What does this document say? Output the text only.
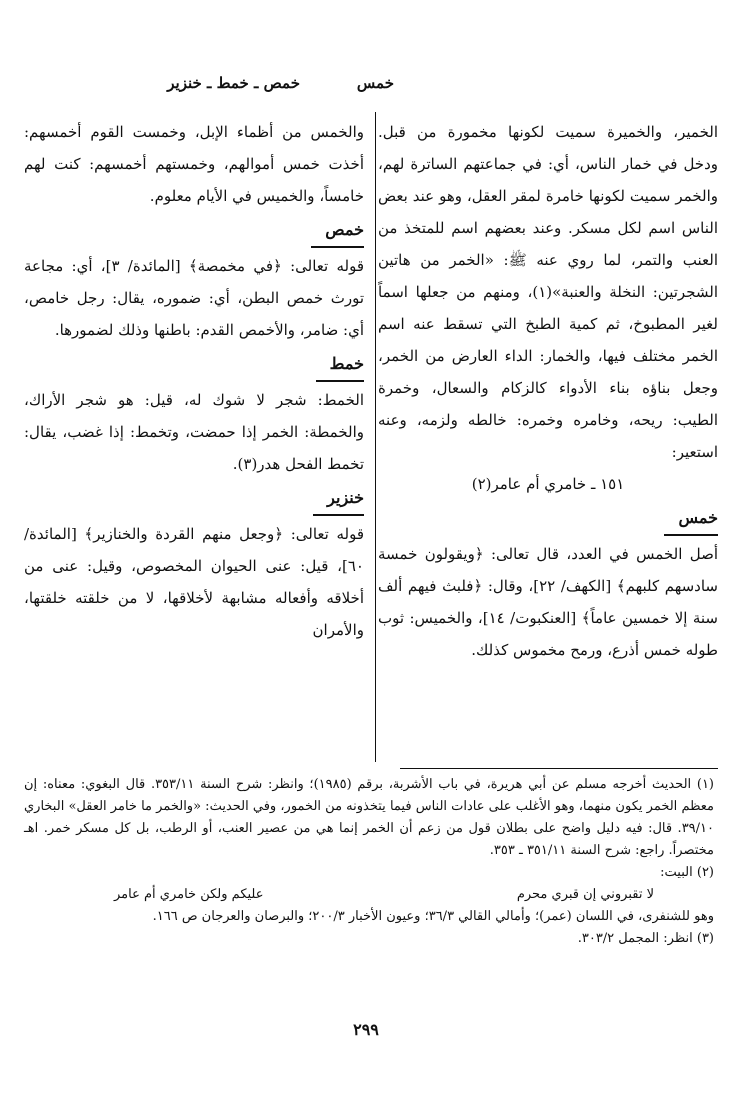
خمس
خمص ـ خمط ـ خنزير

الخمير، والخميرة سميت لكونها مخمورة من قبل. ودخل في خمار الناس، أي: في جماعتهم الساترة لهم، والخمر سميت لكونها خامرة لمقر العقل، وهو عند بعض الناس اسم لكل مسكر. وعند بعضهم اسم للمتخذ من العنب والتمر، لما روي عنه ﷺ: «الخمر من هاتين الشجرتين: النخلة والعنبة»(١)، ومنهم من جعلها اسماً لغير المطبوخ، ثم كمية الطبخ التي تسقط عنه اسم الخمر مختلف فيها، والخمار: الداء العارض من الخمر، وجعل بناؤه بناء الأدواء كالزكام والسعال، وخمرة الطيب: ريحه، وخامره وخمره: خالطه ولزمه، وعنه استعير:

١٥١ ـ خامري أم عامر(٢)

خمس

أصل الخمس في العدد، قال تعالى: ﴿ويقولون خمسة سادسهم كلبهم﴾ [الكهف/ ٢٢]، وقال: ﴿فلبث فيهم ألف سنة إلا خمسين عاماً﴾ [العنكبوت/ ١٤]، والخميس: ثوب طوله خمس أذرع، ورمح مخموس كذلك.

والخمس من أظماء الإبل، وخمست القوم أخمسهم: أخذت خمس أموالهم، وخمستهم أخمسهم: كنت لهم خامساً، والخميس في الأيام معلوم.

خمص

قوله تعالى: ﴿في مخمصة﴾ [المائدة/ ٣]، أي: مجاعة تورث خمص البطن، أي: ضموره، يقال: رجل خامص، أي: ضامر، والأخمص القدم: باطنها وذلك لضمورها.

خمط

الخمط: شجر لا شوك له، قيل: هو شجر الأراك، والخمطة: الخمر إذا حمضت، وتخمط: إذا غضب، يقال: تخمط الفحل هدر(٣).

خنزير

قوله تعالى: ﴿وجعل منهم القردة والخنازير﴾ [المائدة/ ٦٠]، قيل: عنى الحيوان المخصوص، وقيل: عنى من أخلاقه وأفعاله مشابهة لأخلاقها، لا من خلقته خلقتها، والأمران

(١) الحديث أخرجه مسلم عن أبي هريرة، في باب الأشربة، برقم (١٩٨٥)؛ وانظر: شرح السنة ٣٥٣/١١. قال البغوي: معناه: إن معظم الخمر يكون منهما، وهو الأغلب على عادات الناس فيما يتخذونه من الخمور، وفي الحديث: «والخمر ما خامر العقل» البخاري ٣٩/١٠. قال: فيه دليل واضح على بطلان قول من زعم أن الخمر إنما هي من عصير العنب، أو الرطب، بل كل مسكر خمر. اهـ مختصراً. راجع: شرح السنة ٣٥١/١١ ـ ٣٥٣.

(٢) البيت:

لا تقبروني إن قبري محرم
عليكم ولكن خامري أم عامر

وهو للشنفرى، في اللسان (عمر)؛ وأمالي القالي ٣٦/٣؛ وعيون الأخبار ٢٠٠/٣؛ والبرصان والعرجان ص ١٦٦.

(٣) انظر: المجمل ٣٠٣/٢.

٢٩٩
